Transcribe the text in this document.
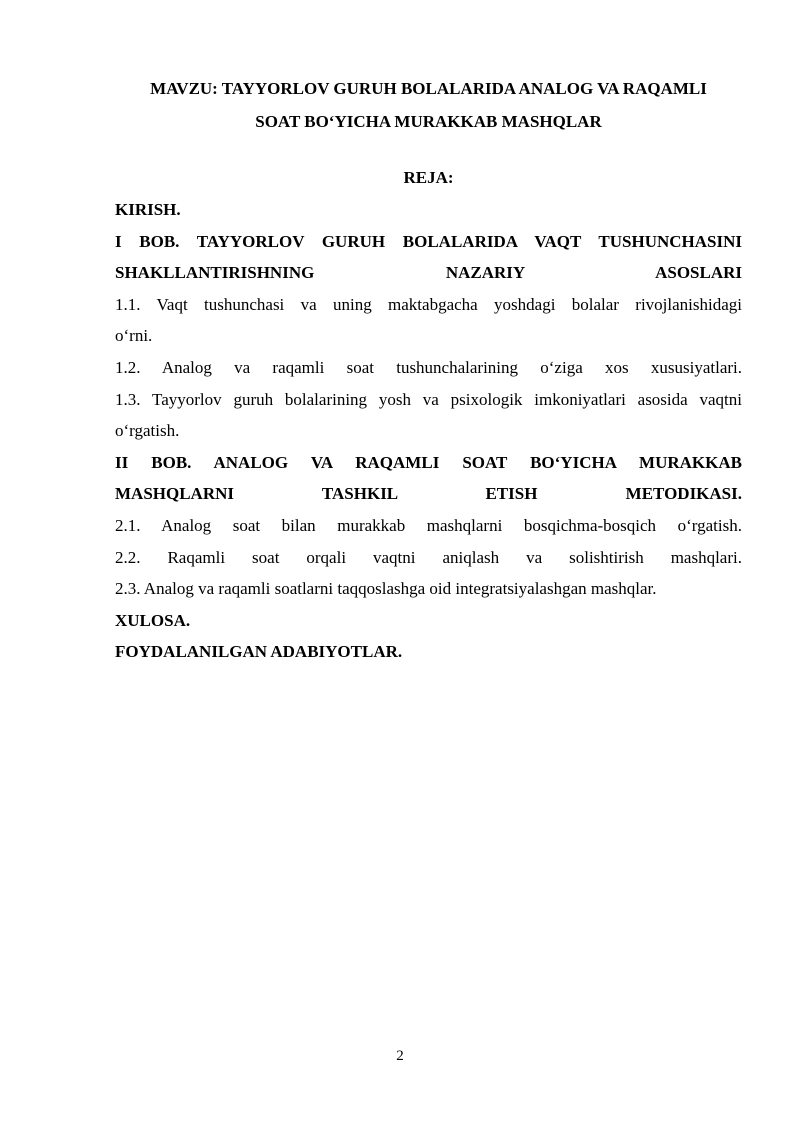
MAVZU: TAYYORLOV GURUH BOLALARIDA ANALOG VA RAQAMLI
SOAT BO‘YICHA MURAKKAB MASHQLAR

REJA:

KIRISH.
I BOB. TAYYORLOV GURUH BOLALARIDA VAQT TUSHUNCHASINI
SHAKLLANTIRISHNING NAZARIY ASOSLARI
1.1. Vaqt tushunchasi va uning maktabgacha yoshdagi bolalar rivojlanishidagi
o‘rni.
1.2. Analog va raqamli soat tushunchalarining o‘ziga xos xususiyatlari.
1.3. Tayyorlov guruh bolalarining yosh va psixologik imkoniyatlari asosida vaqtni
o‘rgatish.
II BOB. ANALOG VA RAQAMLI SOAT BO‘YICHA MURAKKAB
MASHQLARNI TASHKIL ETISH METODIKASI.
2.1. Analog soat bilan murakkab mashqlarni bosqichma-bosqich o‘rgatish.
2.2. Raqamli soat orqali vaqtni aniqlash va solishtirish mashqlari.
2.3. Analog va raqamli soatlarni taqqoslashga oid integratsiyalashgan mashqlar.
XULOSA.
FOYDALANILGAN ADABIYOTLAR.
2
